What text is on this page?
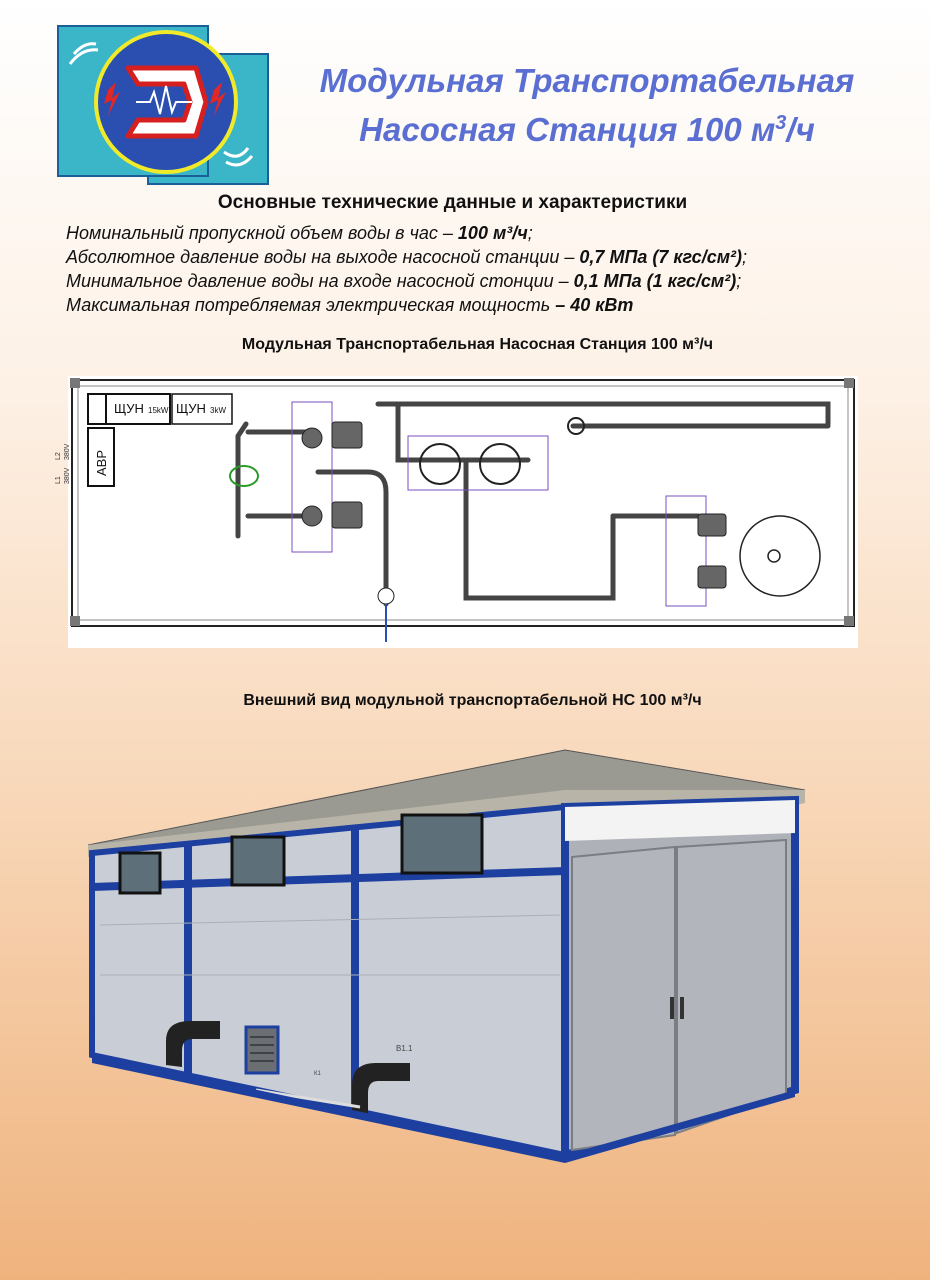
Модульная Транспортабельная
Насосная Станция 100 $м^3/ч$
Основные технические данные и характеристики
Номинальный пропускной объем воды в час – 100 м³/ч;
Абсолютное давление воды на выходе насосной станции – 0,7 МПа (7 кгс/см²);
Минимальное давление воды на входе насосной стонции – 0,1 МПа (1 кгс/см²);
Максимальная потребляемая электрическая мощность – 40 кВт
Модульная Транспортабельная Насосная Станция 100 м³/ч
ЩУН 15kW ЩУН 3kW
АВР
L2 380V
L1 380V
Внешний вид модульной транспортабельной НС 100 м³/ч
В1.1
К1
